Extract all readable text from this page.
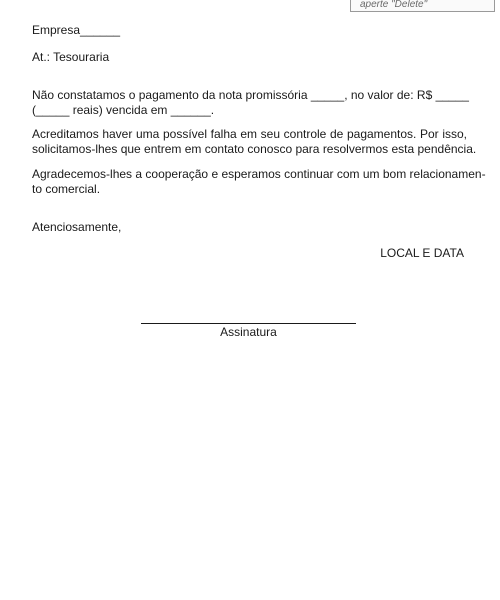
aperte "Delete"
Empresa______
At.: Tesouraria
Não constatamos o pagamento da nota promissória _____, no valor de: R$ _____
(_____ reais) vencida em ______.
Acreditamos haver uma possível falha em seu controle de pagamentos. Por isso,
solicitamos-lhes que entrem em contato conosco para resolvermos esta pendência.
Agradecemos-lhes a cooperação e esperamos continuar com um bom relacionamen-
to comercial.
Atenciosamente,
LOCAL E DATA
Assinatura
